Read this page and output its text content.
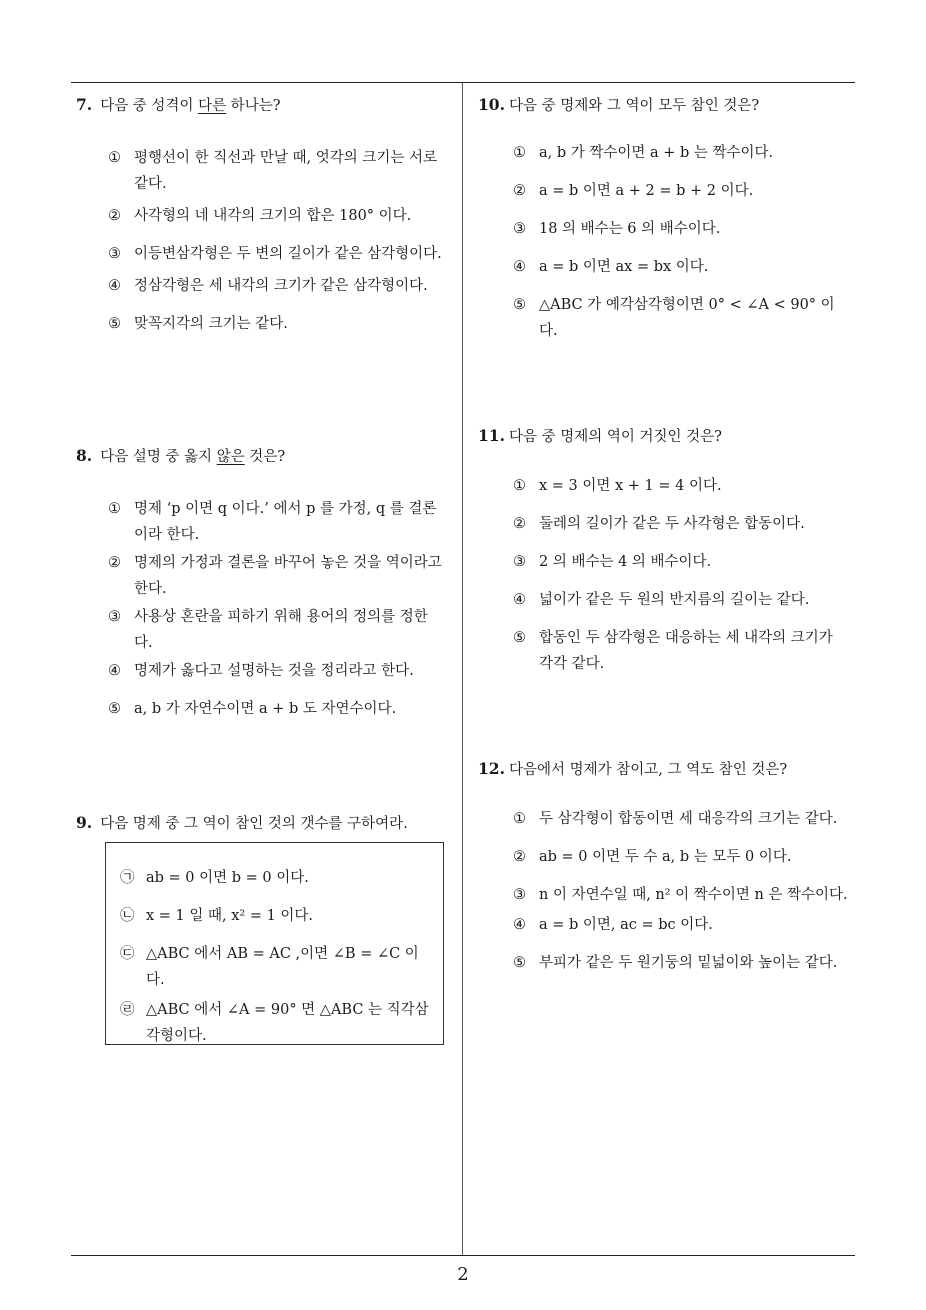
7. 다음 중 성격이 다른 하나는?
① 평행선이 한 직선과 만날 때, 엇각의 크기는 서로 같다.
② 사각형의 네 내각의 크기의 합은 180° 이다.
③ 이등변삼각형은 두 변의 길이가 같은 삼각형이다.
④ 정삼각형은 세 내각의 크기가 같은 삼각형이다.
⑤ 맞꼭지각의 크기는 같다.
8. 다음 설명 중 옳지 않은 것은?
① 명제 ‘p 이면 q 이다.’ 에서 p 를 가정, q 를 결론이라 한다.
② 명제의 가정과 결론을 바꾸어 놓은 것을 역이라고 한다.
③ 사용상 혼란을 피하기 위해 용어의 정의를 정한다.
④ 명제가 옳다고 설명하는 것을 정리라고 한다.
⑤ a, b 가 자연수이면 a + b 도 자연수이다.
9. 다음 명제 중 그 역이 참인 것의 갯수를 구하여라.
㉠ ab = 0 이면 b = 0 이다.
㉡ x = 1 일 때, x² = 1 이다.
㉢ △ABC 에서 AB = AC ,이면 ∠B = ∠C 이다.
㉣ △ABC 에서 ∠A = 90° 면 △ABC 는 직각삼각형이다.
10. 다음 중 명제와 그 역이 모두 참인 것은?
① a, b 가 짝수이면 a + b 는 짝수이다.
② a = b 이면 a + 2 = b + 2 이다.
③ 18 의 배수는 6 의 배수이다.
④ a = b 이면 ax = bx 이다.
⑤ △ABC 가 예각삼각형이면 0° < ∠A < 90° 이다.
11. 다음 중 명제의 역이 거짓인 것은?
① x = 3 이면 x + 1 = 4 이다.
② 둘레의 길이가 같은 두 사각형은 합동이다.
③ 2 의 배수는 4 의 배수이다.
④ 넓이가 같은 두 원의 반지름의 길이는 같다.
⑤ 합동인 두 삼각형은 대응하는 세 내각의 크기가 각각 같다.
12. 다음에서 명제가 참이고, 그 역도 참인 것은?
① 두 삼각형이 합동이면 세 대응각의 크기는 같다.
② ab = 0 이면 두 수 a, b 는 모두 0 이다.
③ n 이 자연수일 때, n² 이 짝수이면 n 은 짝수이다.
④ a = b 이면, ac = bc 이다.
⑤ 부피가 같은 두 원기둥의 밑넓이와 높이는 같다.
2
